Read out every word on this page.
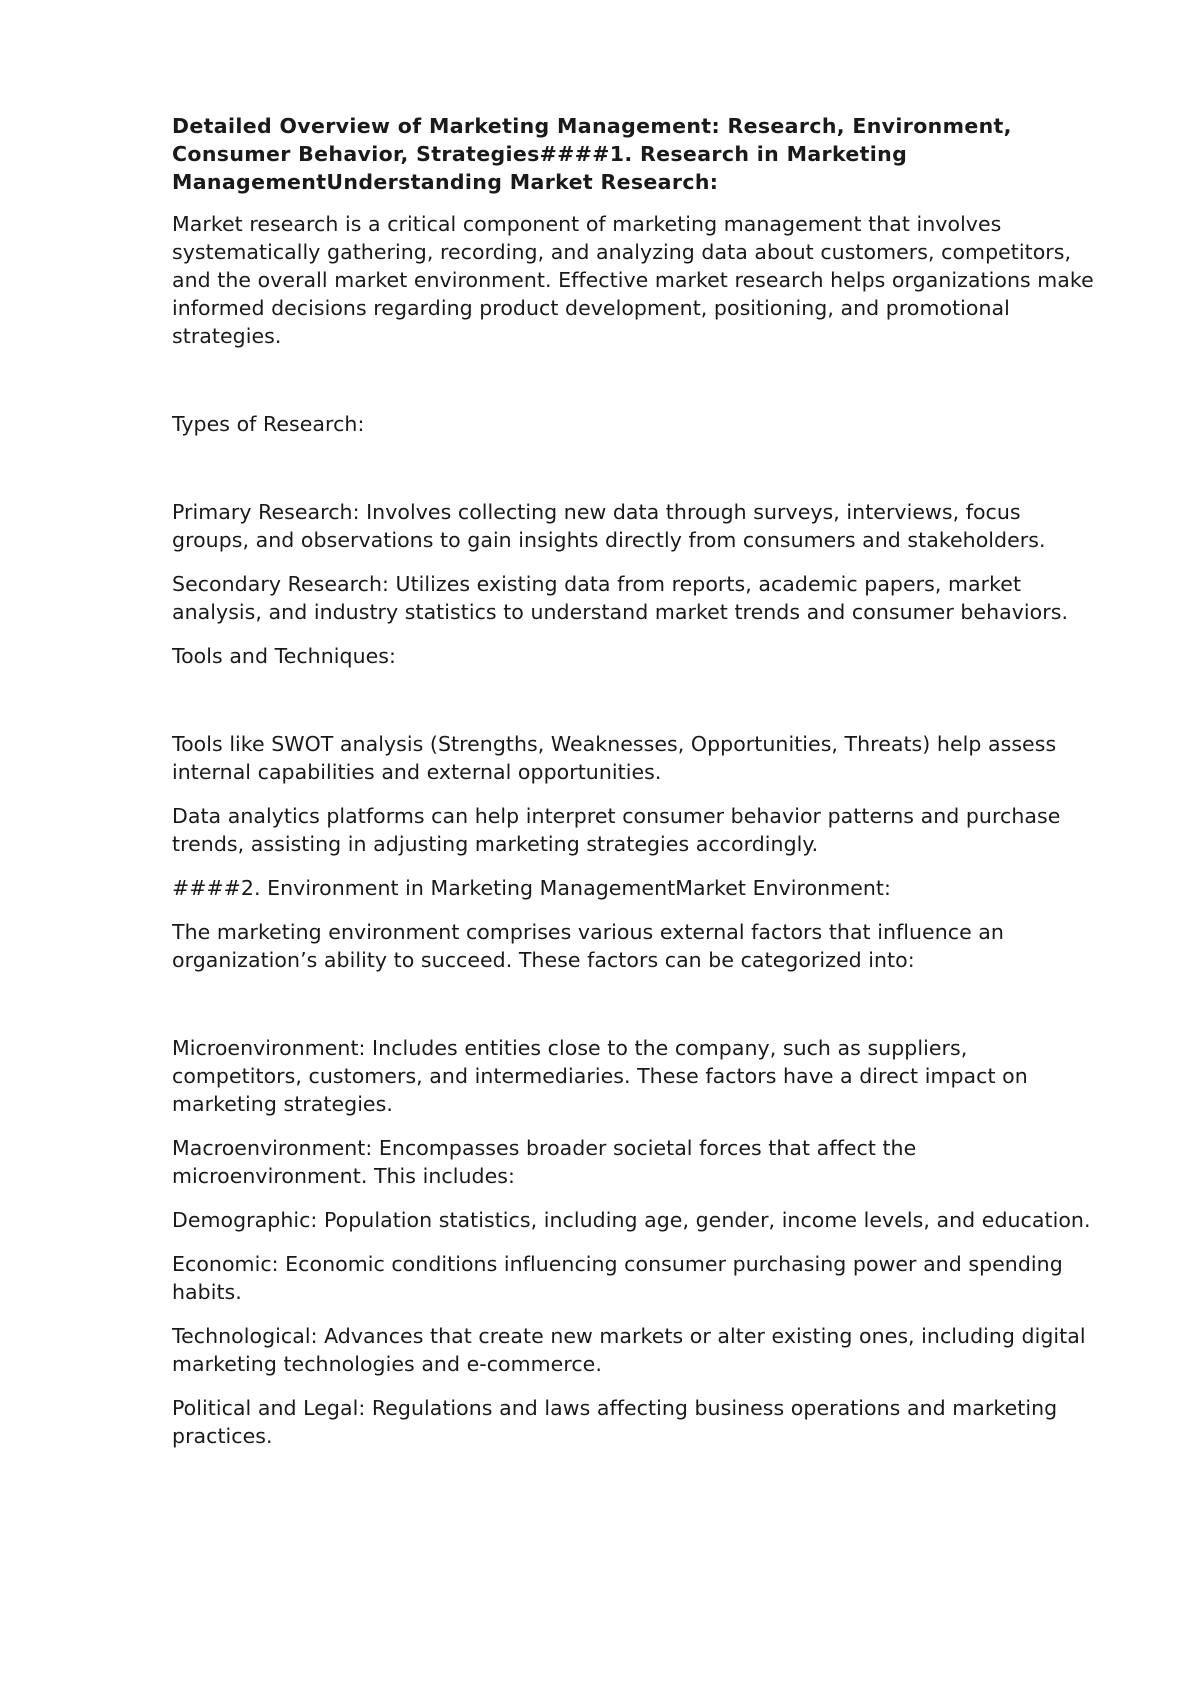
Detailed Overview of Marketing Management: Research, Environment, Consumer Behavior, Strategies####1. Research in Marketing ManagementUnderstanding Market Research:
Market research is a critical component of marketing management that involves systematically gathering, recording, and analyzing data about customers, competitors, and the overall market environment. Effective market research helps organizations make informed decisions regarding product development, positioning, and promotional strategies.
Types of Research:
Primary Research: Involves collecting new data through surveys, interviews, focus groups, and observations to gain insights directly from consumers and stakeholders.
Secondary Research: Utilizes existing data from reports, academic papers, market analysis, and industry statistics to understand market trends and consumer behaviors.
Tools and Techniques:
Tools like SWOT analysis (Strengths, Weaknesses, Opportunities, Threats) help assess internal capabilities and external opportunities.
Data analytics platforms can help interpret consumer behavior patterns and purchase trends, assisting in adjusting marketing strategies accordingly.
####2. Environment in Marketing ManagementMarket Environment:
The marketing environment comprises various external factors that influence an organization’s ability to succeed. These factors can be categorized into:
Microenvironment: Includes entities close to the company, such as suppliers, competitors, customers, and intermediaries. These factors have a direct impact on marketing strategies.
Macroenvironment: Encompasses broader societal forces that affect the microenvironment. This includes:
Demographic: Population statistics, including age, gender, income levels, and education.
Economic: Economic conditions influencing consumer purchasing power and spending habits.
Technological: Advances that create new markets or alter existing ones, including digital marketing technologies and e-commerce.
Political and Legal: Regulations and laws affecting business operations and marketing practices.
